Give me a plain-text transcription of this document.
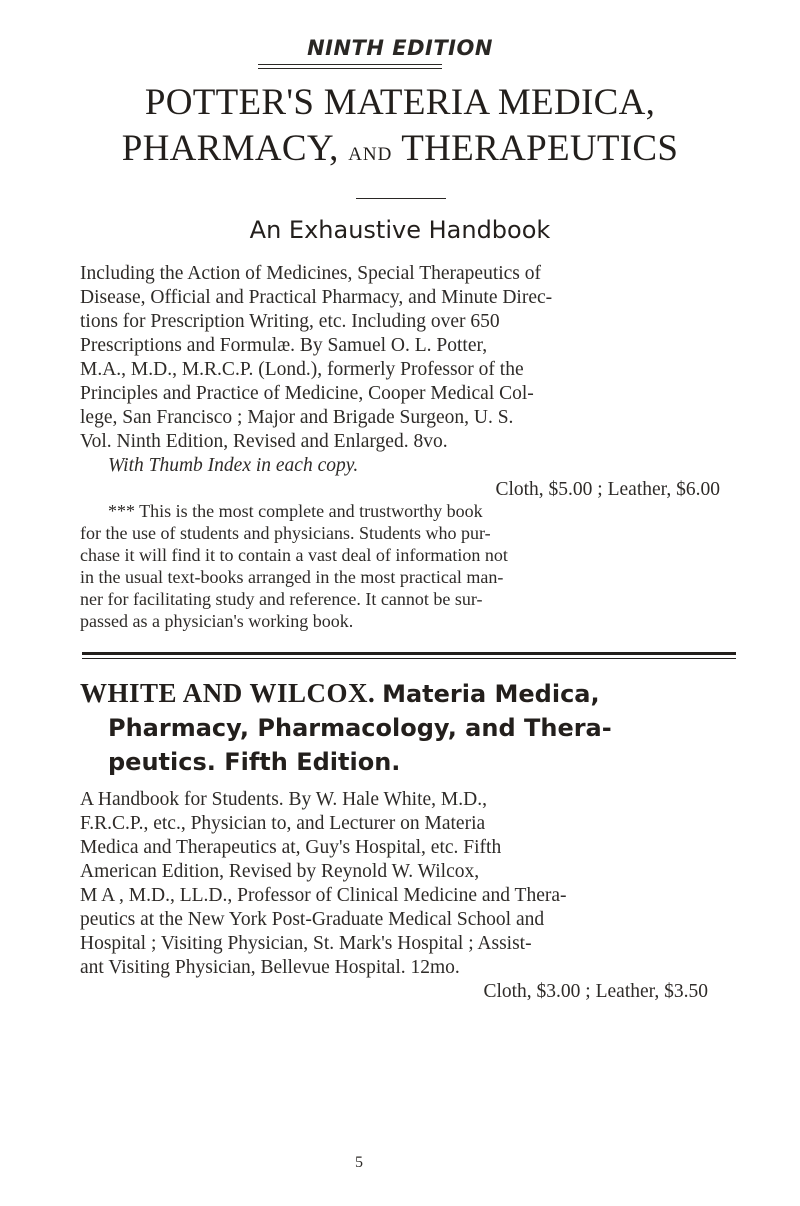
NINTH EDITION
POTTER'S MATERIA MEDICA,
PHARMACY, AND THERAPEUTICS
An Exhaustive Handbook
Including the Action of Medicines, Special Therapeutics of
Disease, Official and Practical Pharmacy, and Minute Direc-
tions for Prescription Writing, etc. Including over 650
Prescriptions and Formulæ. By Samuel O. L. Potter,
M.A., M.D., M.R.C.P. (Lond.), formerly Professor of the
Principles and Practice of Medicine, Cooper Medical Col-
lege, San Francisco ; Major and Brigade Surgeon, U. S.
Vol. Ninth Edition, Revised and Enlarged. 8vo.
With Thumb Index in each copy.
Cloth, $5.00 ; Leather, $6.00
*** This is the most complete and trustworthy book
for the use of students and physicians. Students who pur-
chase it will find it to contain a vast deal of information not
in the usual text-books arranged in the most practical man-
ner for facilitating study and reference. It cannot be sur-
passed as a physician's working book.
WHITE AND WILCOX. Materia Medica,
Pharmacy, Pharmacology, and Thera-
peutics. Fifth Edition.
A Handbook for Students. By W. Hale White, M.D.,
F.R.C.P., etc., Physician to, and Lecturer on Materia
Medica and Therapeutics at, Guy's Hospital, etc. Fifth
American Edition, Revised by Reynold W. Wilcox,
M A , M.D., LL.D., Professor of Clinical Medicine and Thera-
peutics at the New York Post-Graduate Medical School and
Hospital ; Visiting Physician, St. Mark's Hospital ; Assist-
ant Visiting Physician, Bellevue Hospital. 12mo.
Cloth, $3.00 ; Leather, $3.50
5
